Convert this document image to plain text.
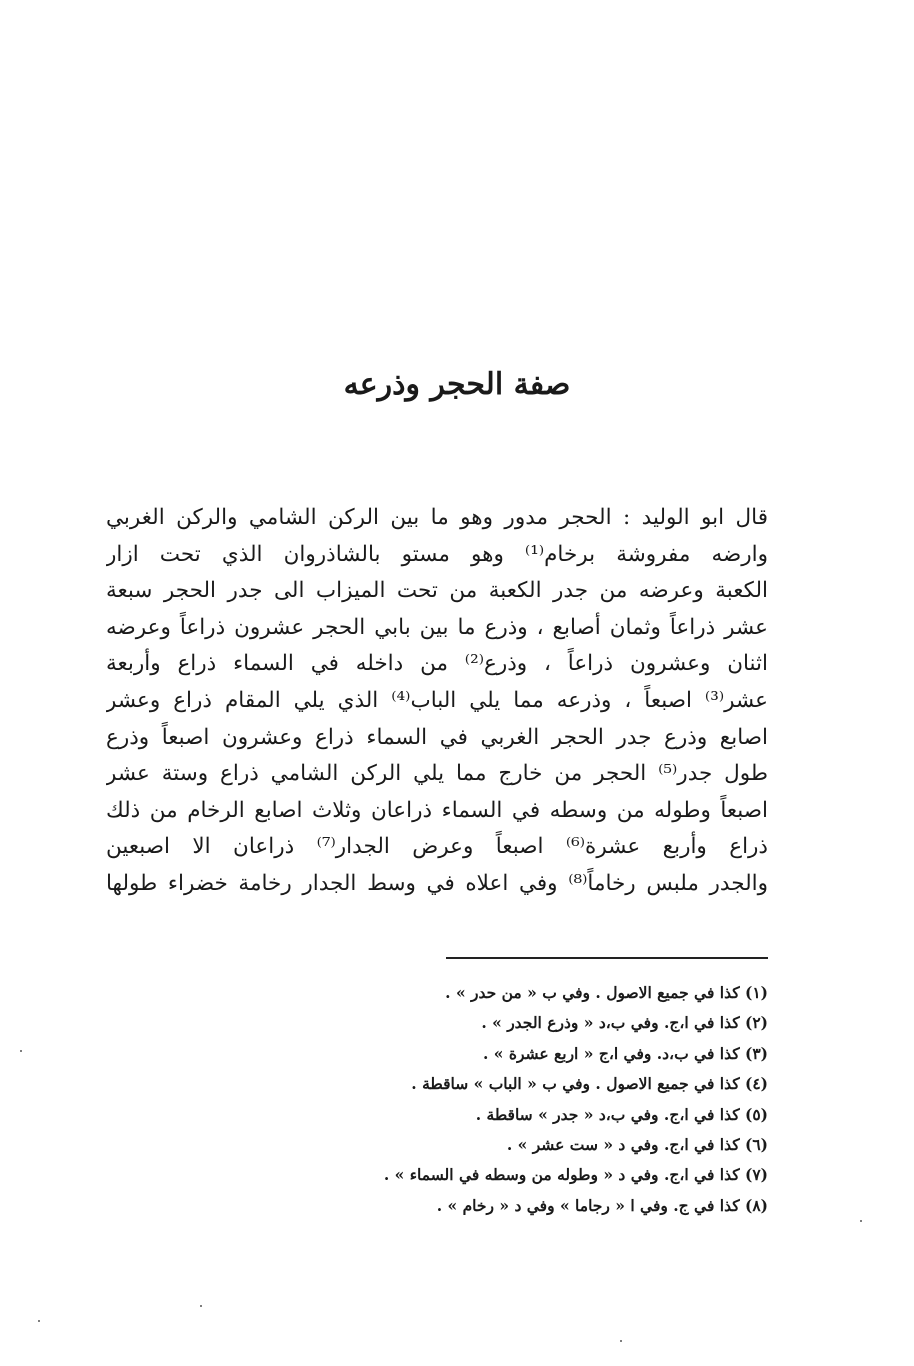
صفة الحجر وذرعه
قال ابو الوليد : الحجر مدور وهو ما بين الركن الشامي والركن الغربي
وارضه مفروشة برخام⁽¹⁾ وهو مستو بالشاذروان الذي تحت ازار
الكعبة وعرضه من جدر الكعبة من تحت الميزاب الى جدر الحجر سبعة
عشر ذراعاً وثمان أصابع ، وذرع ما بين بابي الحجر عشرون ذراعاً وعرضه
اثنان وعشرون ذراعاً ، وذرع⁽²⁾ من داخله في السماء ذراع وأربعة
عشر⁽³⁾ اصبعاً ، وذرعه مما يلي الباب⁽⁴⁾ الذي يلي المقام ذراع وعشر
اصابع وذرع جدر الحجر الغربي في السماء ذراع وعشرون اصبعاً وذرع
طول جدر⁽⁵⁾ الحجر من خارج مما يلي الركن الشامي ذراع وستة عشر
اصبعاً وطوله من وسطه في السماء ذراعان وثلاث اصابع الرخام من ذلك
ذراع وأربع عشرة⁽⁶⁾ اصبعاً وعرض الجدار⁽⁷⁾ ذراعان الا اصبعين
والجدر ملبس رخاماً⁽⁸⁾ وفي اعلاه في وسط الجدار رخامة خضراء طولها
(١) كذا في جميع الاصول . وفي ب « من حدر » .
(٢) كذا في ا،ج. وفي ب،د « وذرع الجدر » .
(٣) كذا في ب،د. وفي ا،ج « اربع عشرة » .
(٤) كذا في جميع الاصول . وفي ب « الباب » ساقطة .
(٥) كذا في ا،ج. وفي ب،د « جدر » ساقطة .
(٦) كذا في ا،ج. وفي د « ست عشر » .
(٧) كذا في ا،ج. وفي د « وطوله من وسطه في السماء » .
(٨) كذا في ج. وفي ا « رجاما » وفي د « رخام » .
